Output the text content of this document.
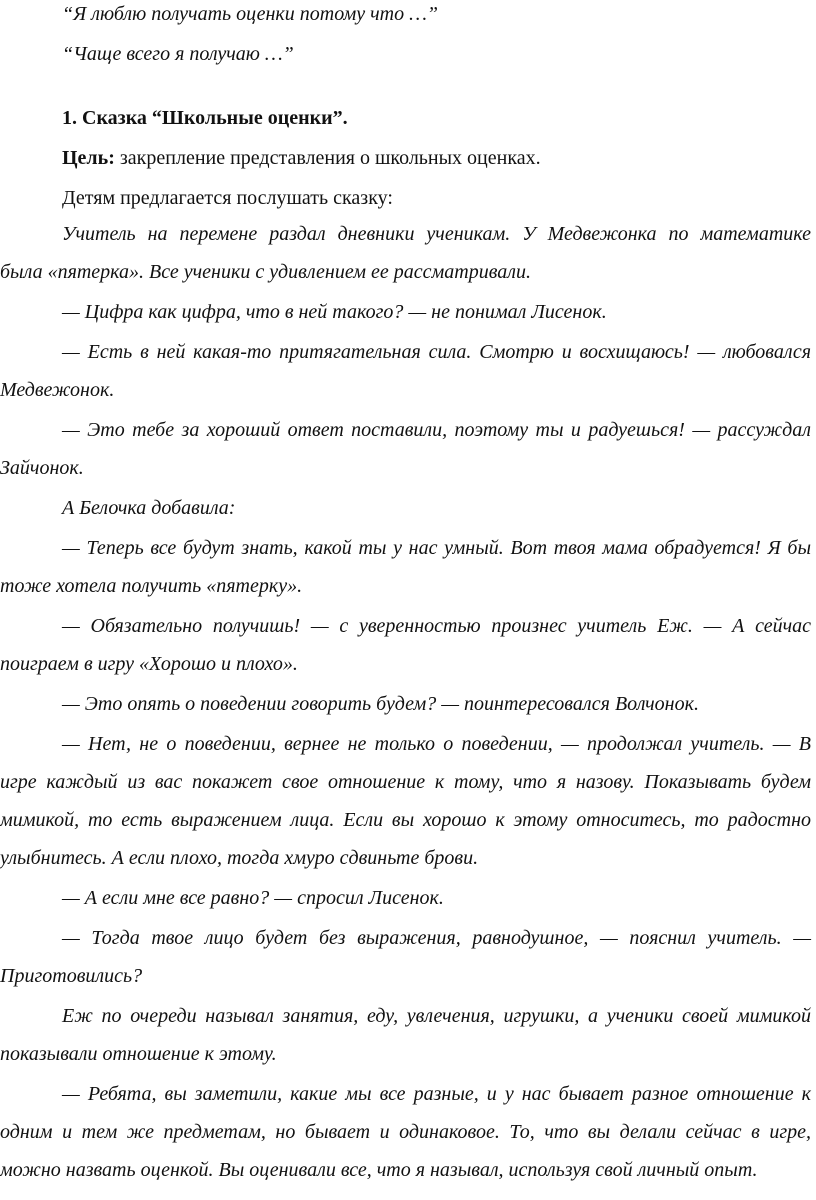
“Я люблю получать оценки потому что …”
“Чаще всего я получаю …”
1. Сказка “Школьные оценки”.
Цель: закрепление представления о школьных оценках.
Детям предлагается послушать сказку:
Учитель на перемене раздал дневники ученикам. У Медвежонка по математике
была «пятерка». Все ученики с удивлением ее рассматривали.
— Цифра как цифра, что в ней такого? — не понимал Лисенок.
— Есть в ней какая-то притягательная сила. Смотрю и восхищаюсь! — любовался
Медвежонок.
— Это тебе за хороший ответ поставили, поэтому ты и радуешься! — рассуждал
Зайчонок.
А Белочка добавила:
— Теперь все будут знать, какой ты у нас умный. Вот твоя мама обрадуется! Я бы
тоже хотела получить «пятерку».
— Обязательно получишь! — с уверенностью произнес учитель Еж. — А сейчас
поиграем в игру «Хорошо и плохо».
— Это опять о поведении говорить будем? — поинтересовался Волчонок.
— Нет, не о поведении, вернее не только о поведении, — продолжал учитель. — В
игре каждый из вас покажет свое отношение к тому, что я назову. Показывать будем
мимикой, то есть выражением лица. Если вы хорошо к этому относитесь, то радостно
улыбнитесь. А если плохо, тогда хмуро сдвиньте брови.
— А если мне все равно? — спросил Лисенок.
— Тогда твое лицо будет без выражения, равнодушное, — пояснил учитель. —
Приготовились?
Еж по очереди называл занятия, еду, увлечения, игрушки, а ученики своей мимикой
показывали отношение к этому.
— Ребята, вы заметили, какие мы все разные, и у нас бывает разное отношение к
одним и тем же предметам, но бывает и одинаковое. То, что вы делали сейчас в игре,
можно назвать оценкой. Вы оценивали все, что я называл, используя свой личный опыт.
